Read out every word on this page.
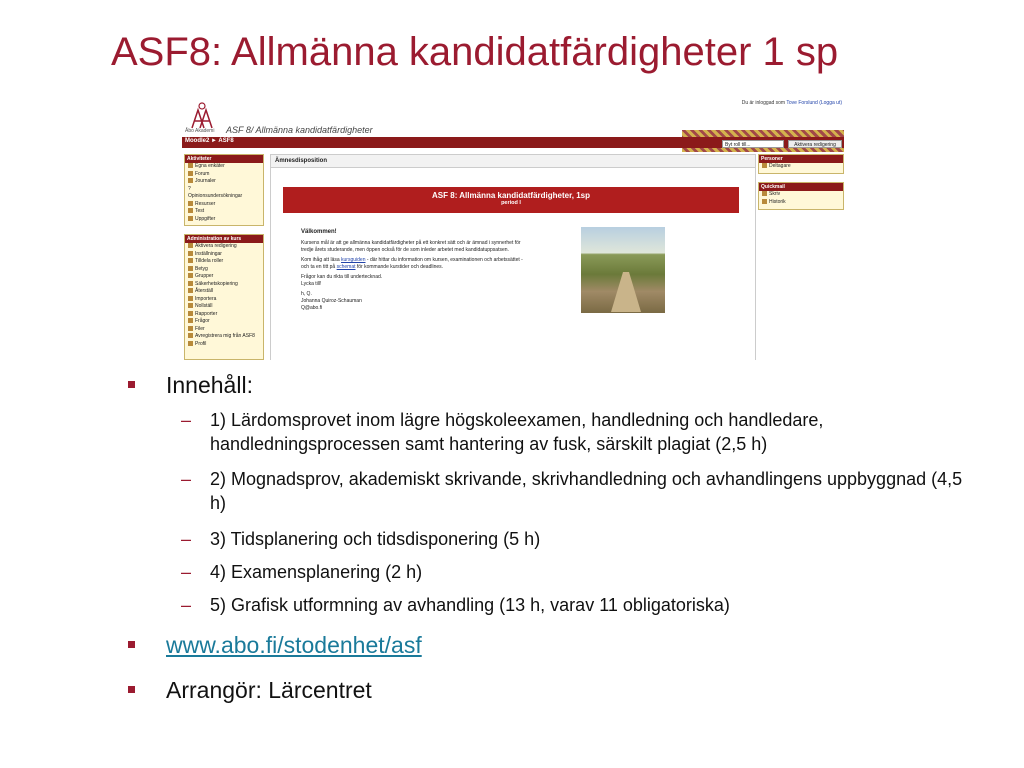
ASF8: Allmänna kandidatfärdigheter 1 sp
Åbo Akademi
Du är inloggad som Tove Forslund (Logga ut)
ASF 8/ Allmänna kandidatfärdigheter
Moodle2 ► ASF8
Byt roll till...	Aktivera redigering
Aktiviteter
Egna enkäter
Forum
Journaler
?
Opinionsundersökningar
Resurser
Test
Uppgifter
Administration av kurs
Aktivera redigering
Inställningar
Tilldela roller
Betyg
Grupper
Säkerhetskopiering
Återställ
Importera
Nollställ
Rapporter
Frågor
Filer
Avregistrera mig från ASF8
Profil
Ämnesdisposition
ASF 8: Allmänna kandidatfärdigheter, 1sp
period I
Välkommen!

Kursens mål är att ge allmänna kandidatfärdigheter på ett konkret sätt och är ämnad i synnerhet för tredje årets studerande, men öppen också för de som inleder arbetet med kandidatuppsatsen.

Kom ihåg att läsa kursguiden - där hittar du information om kursen, examinationen och arbetssättet - och ta en titt på schemat för kommande kurstider och deadlines.

Frågor kan du rikta till undertecknad.
Lycka till!

h, Q.
Johanna Quiroz-Schauman
Q@abo.fi

Personer
Deltagare
Quickmail
Skriv
Historik
Innehåll:
– 1) Lärdomsprovet inom lägre högskoleexamen, handledning och handledare, handledningsprocessen samt hantering av fusk, särskilt plagiat (2,5 h)
– 2) Mognadsprov, akademiskt skrivande, skrivhandledning och avhandlingens uppbyggnad (4,5 h)
– 3) Tidsplanering och tidsdisponering (5 h)
– 4) Examensplanering (2 h)
– 5) Grafisk utformning av avhandling (13 h, varav 11 obligatoriska)
www.abo.fi/stodenhet/asf
Arrangör: Lärcentret
